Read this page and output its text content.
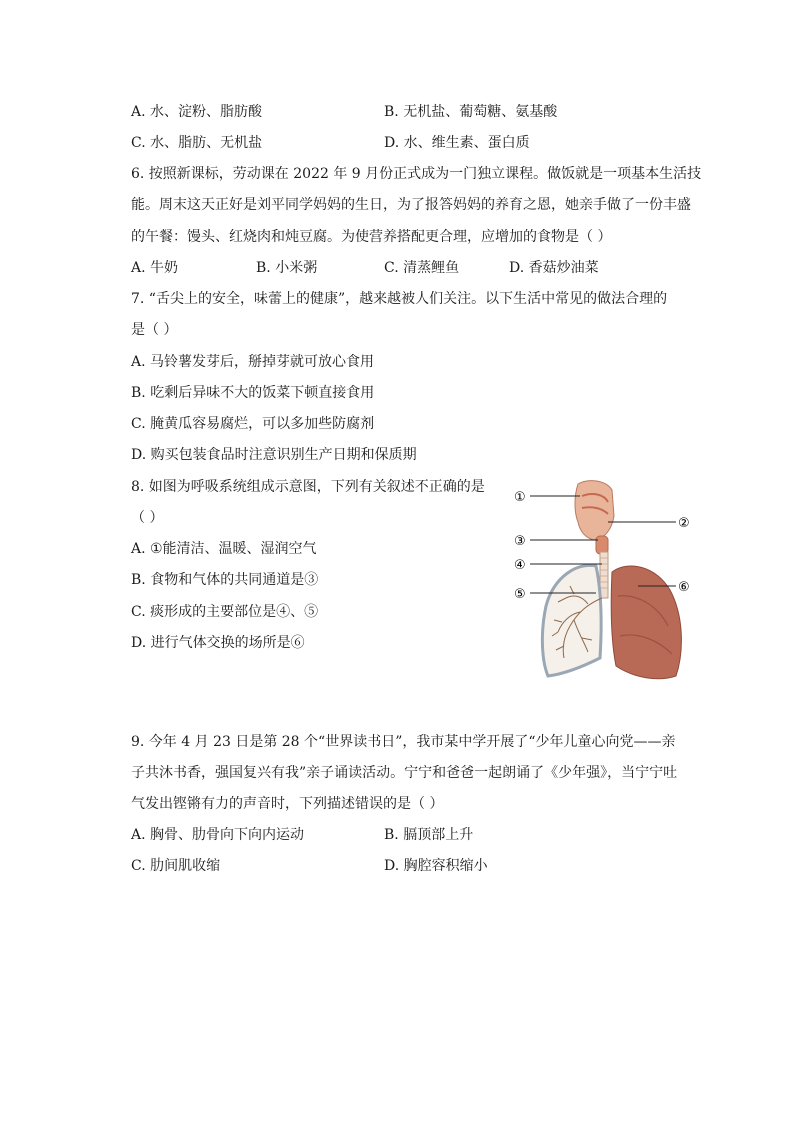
A. 水、淀粉、脂肪酸	B. 无机盐、葡萄糖、氨基酸
C. 水、脂肪、无机盐	D. 水、维生素、蛋白质
6. 按照新课标，劳动课在 2022 年 9 月份正式成为一门独立课程。做饭就是一项基本生活技
能。周末这天正好是刘平同学妈妈的生日，为了报答妈妈的养育之恩，她亲手做了一份丰盛
的午餐：馒头、红烧肉和炖豆腐。为使营养搭配更合理，应增加的食物是（ ）
A. 牛奶	B. 小米粥	C. 清蒸鲤鱼	D. 香菇炒油菜
7. “舌尖上的安全，味蕾上的健康”，越来越被人们关注。以下生活中常见的做法合理的
是（ ）
A. 马铃薯发芽后，掰掉芽就可放心食用
B. 吃剩后异味不大的饭菜下顿直接食用
C. 腌黄瓜容易腐烂，可以多加些防腐剂
D. 购买包装食品时注意识别生产日期和保质期
8. 如图为呼吸系统组成示意图，下列有关叙述不正确的是
（ ）
A. ①能清洁、温暖、湿润空气
B. 食物和气体的共同通道是③
C. 痰形成的主要部位是④、⑤
D. 进行气体交换的场所是⑥
①
②
③
④
⑤	⑥
9. 今年 4 月 23 日是第 28 个“世界读书日”，我市某中学开展了“少年儿童心向党——亲
子共沐书香，强国复兴有我”亲子诵读活动。宁宁和爸爸一起朗诵了《少年强》，当宁宁吐
气发出铿锵有力的声音时，下列描述错误的是（ ）
A. 胸骨、肋骨向下向内运动	B. 膈顶部上升
C. 肋间肌收缩	D. 胸腔容积缩小
